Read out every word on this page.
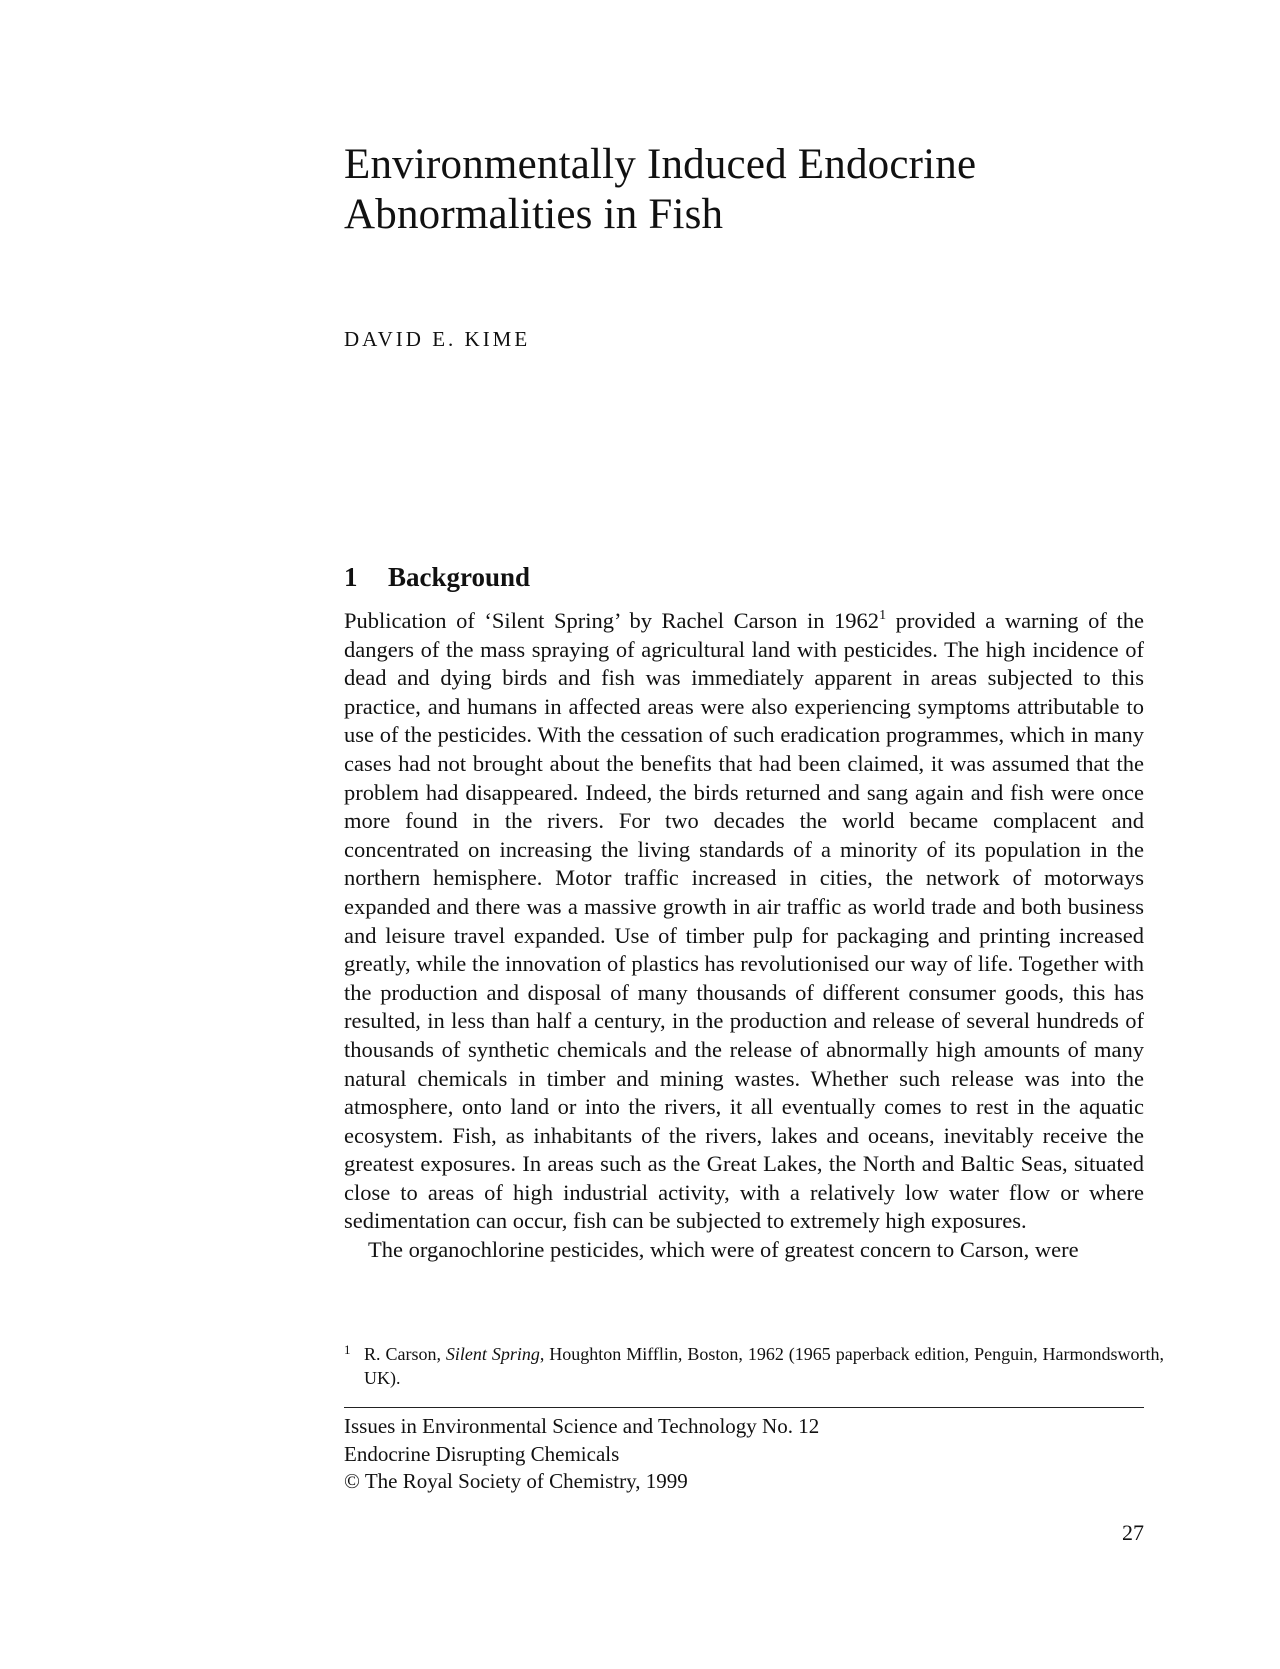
Environmentally Induced Endocrine
Abnormalities in Fish

DAVID E. KIME

1 Background

Publication of ‘Silent Spring’ by Rachel Carson in 1962$^1$ provided a warning of the dangers of the mass spraying of agricultural land with pesticides. The high incidence of dead and dying birds and fish was immediately apparent in areas subjected to this practice, and humans in affected areas were also experiencing symptoms attributable to use of the pesticides. With the cessation of such eradication programmes, which in many cases had not brought about the benefits that had been claimed, it was assumed that the problem had disappeared. Indeed, the birds returned and sang again and fish were once more found in the rivers. For two decades the world became complacent and concentrated on increasing the living standards of a minority of its population in the northern hemisphere. Motor traffic increased in cities, the network of motorways expanded and there was a massive growth in air traffic as world trade and both business and leisure travel expanded. Use of timber pulp for packaging and printing increased greatly, while the innovation of plastics has revolutionised our way of life. Together with the production and disposal of many thousands of different consumer goods, this has resulted, in less than half a century, in the production and release of several hundreds of thousands of synthetic chemicals and the release of abnormally high amounts of many natural chemicals in timber and mining wastes. Whether such release was into the atmosphere, onto land or into the rivers, it all eventually comes to rest in the aquatic ecosystem. Fish, as inhabitants of the rivers, lakes and oceans, inevitably receive the greatest exposures. In areas such as the Great Lakes, the North and Baltic Seas, situated close to areas of high industrial activity, with a relatively low water flow or where sedimentation can occur, fish can be subjected to extremely high exposures.

The organochlorine pesticides, which were of greatest concern to Carson, were

1 R. Carson, Silent Spring, Houghton Mifflin, Boston, 1962 (1965 paperback edition, Penguin, Harmondsworth, UK).

Issues in Environmental Science and Technology No. 12
Endocrine Disrupting Chemicals
© The Royal Society of Chemistry, 1999

27
